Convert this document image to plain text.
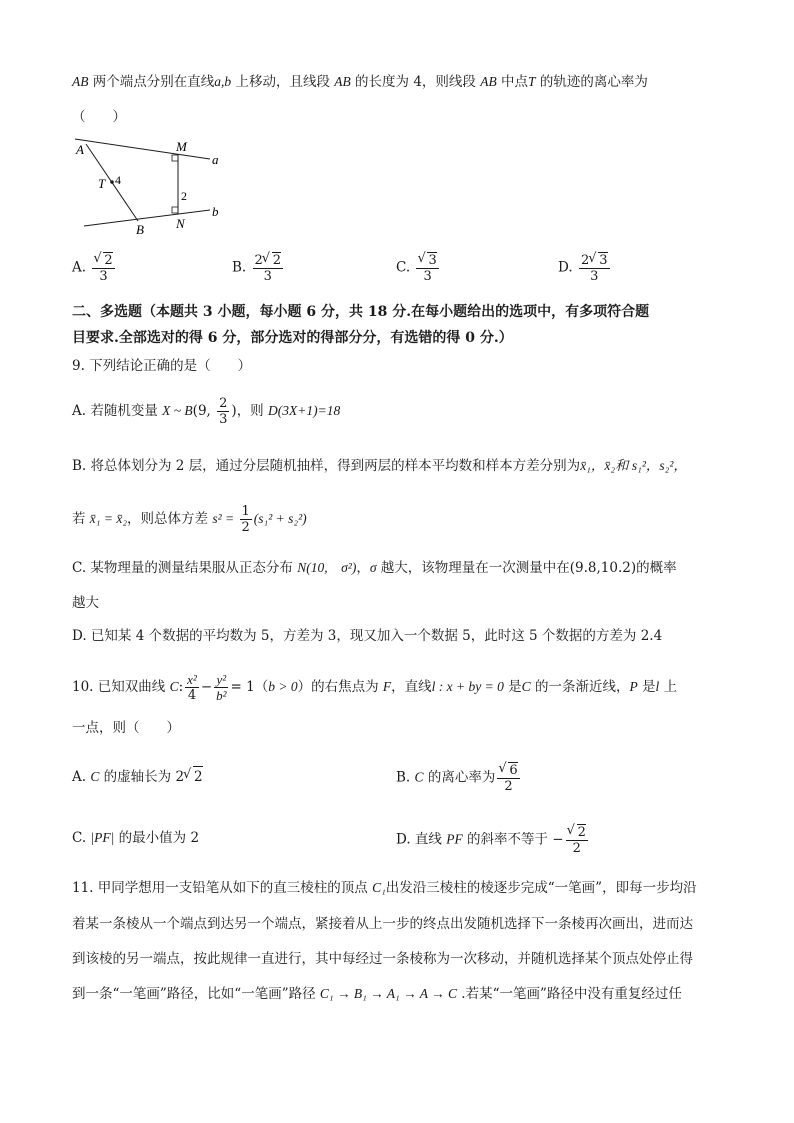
AB 两个端点分别在直线a,b 上移动，且线段 AB 的长度为 4，则线段 AB 中点T 的轨迹的离心率为
（　　）
A	M
a
T 4
2
B N
b
A. √ $\frac{2}{3}$	B. $\frac{2 √ 2}{3}$	C. √ $\frac{3}{3}$	D. $\frac{2 √ 3}{3}$
二、多选题（本题共 3 小题，每小题 6 分，共 18 分.在每小题给出的选项中，有多项符合题
目要求.全部选对的得 6 分，部分选对的得部分分，有选错的得 0 分.）
9. 下列结论正确的是（　　）
A. 若随机变量 X ~ B(9, $\frac{2}{3}$ )，则 D(3X+1)=18
B. 将总体划分为 2 层，通过分层随机抽样，得到两层的样本平均数和样本方差分别为x̄₁，x̄₂和 s₁²，s₂²，
若 x̄₁ = x̄₂，则总体方差 $s^2 = \frac{1}{2} (s_1^2 + s_2^2)$
C. 某物理量的测量结果服从正态分布 N(10,　σ²)，σ 越大，该物理量在一次测量中在(9.8,10.2)的概率
越大
D. 已知某 4 个数据的平均数为 5，方差为 3，现又加入一个数据 5，此时这 5 个数据的方差为 2.4
10. 已知双曲线 C: $\frac{\text{x²}}{4} - \frac{\text{y²}}{\text{b²}} = 1(b > 0)$的右焦点为 F，直线l : x + by = 0 是C 的一条渐近线，P 是l 上
一点，则（　　）
A. C 的虚轴长为 2 √ 2	B. C 的离心率为 √ $\frac{6}{2}$
C. |PF| 的最小值为 2	D. 直线 PF 的斜率不等于 − √ $\frac{2}{2}$
11. 甲同学想用一支铅笔从如下的直三棱柱的顶点 C₁出发沿三棱柱的棱逐步完成“一笔画”，即每一步均沿
着某一条棱从一个端点到达另一个端点，紧接着从上一步的终点出发随机选择下一条棱再次画出，进而达
到该棱的另一端点，按此规律一直进行，其中每经过一条棱称为一次移动，并随机选择某个顶点处停止得
到一条“一笔画”路径，比如“一笔画”路径 C₁ → B₁ → A₁ → A → C .若某“一笔画”路径中没有重复经过任
